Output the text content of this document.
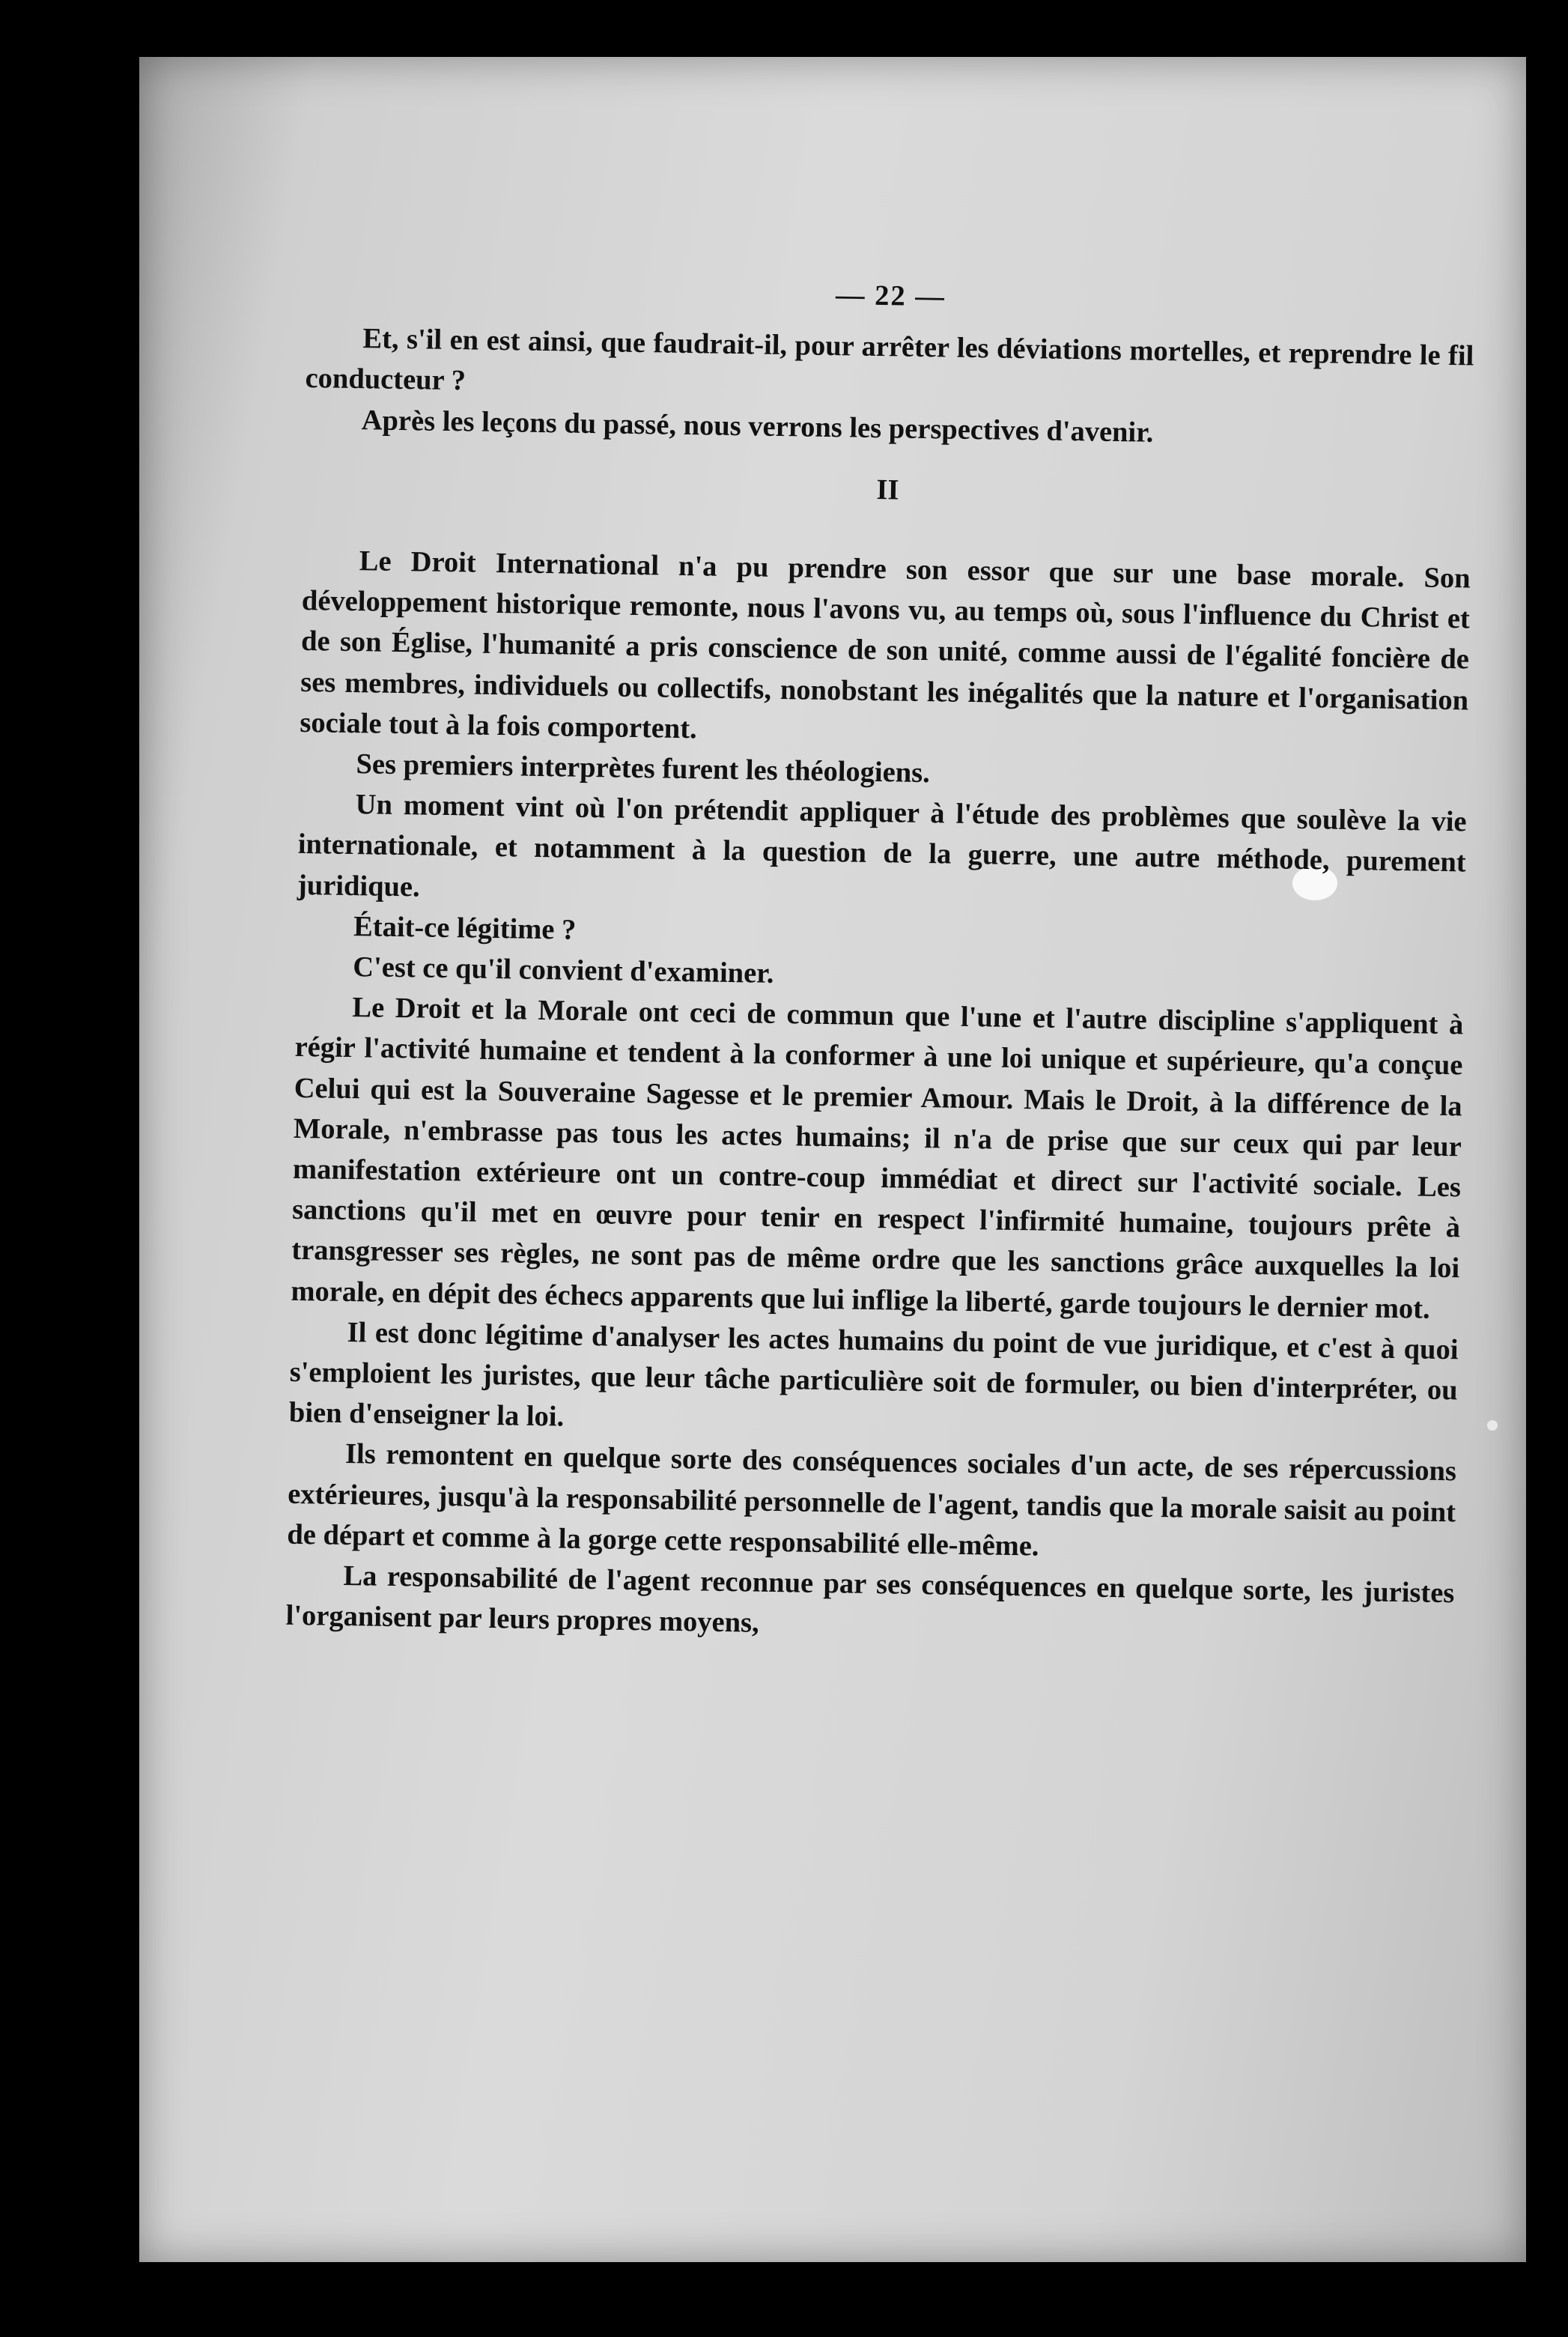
— 22 —

Et, s'il en est ainsi, que faudrait-il, pour arrêter les déviations mortelles, et reprendre le fil conducteur ?

Après les leçons du passé, nous verrons les perspectives d'avenir.

II

Le Droit International n'a pu prendre son essor que sur une base morale. Son développement historique remonte, nous l'avons vu, au temps où, sous l'influence du Christ et de son Église, l'humanité a pris conscience de son unité, comme aussi de l'égalité foncière de ses membres, individuels ou collectifs, nonobstant les inégalités que la nature et l'organisation sociale tout à la fois comportent.

Ses premiers interprètes furent les théologiens.

Un moment vint où l'on prétendit appliquer à l'étude des problèmes que soulève la vie internationale, et notamment à la question de la guerre, une autre méthode, purement juridique.

Était-ce légitime ?

C'est ce qu'il convient d'examiner.

Le Droit et la Morale ont ceci de commun que l'une et l'autre discipline s'appliquent à régir l'activité humaine et tendent à la conformer à une loi unique et supérieure, qu'a conçue Celui qui est la Souveraine Sagesse et le premier Amour. Mais le Droit, à la différence de la Morale, n'embrasse pas tous les actes humains; il n'a de prise que sur ceux qui par leur manifestation extérieure ont un contre-coup immédiat et direct sur l'activité sociale. Les sanctions qu'il met en œuvre pour tenir en respect l'infirmité humaine, toujours prête à transgresser ses règles, ne sont pas de même ordre que les sanctions grâce auxquelles la loi morale, en dépit des échecs apparents que lui inflige la liberté, garde toujours le dernier mot.

Il est donc légitime d'analyser les actes humains du point de vue juridique, et c'est à quoi s'emploient les juristes, que leur tâche particulière soit de formuler, ou bien d'interpréter, ou bien d'enseigner la loi.

Ils remontent en quelque sorte des conséquences sociales d'un acte, de ses répercussions extérieures, jusqu'à la responsabilité personnelle de l'agent, tandis que la morale saisit au point de départ et comme à la gorge cette responsabilité elle-même.

La responsabilité de l'agent reconnue par ses conséquences en quelque sorte, les juristes l'organisent par leurs propres moyens,
